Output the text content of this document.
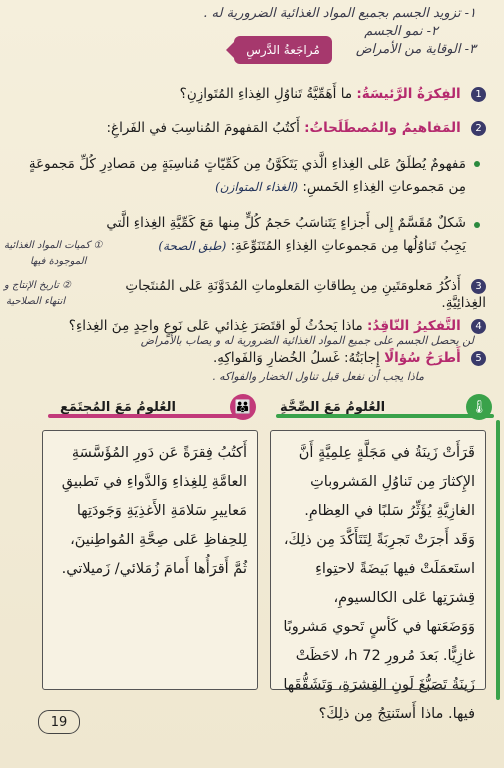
١- تزويد الجسم بجميع المواد الغذائية الضرورية له .
٢- نمو الجسم
٣- الوقاية من الأمراض
مُراجَعةُ الدَّرسِ
1 الفِكرَةُ الرَّئيسَةُ: ما أَهَمِّيَّةُ تَناوُلِ الغِذاءِ المُتَوازِنِ؟
2 المَفاهيمُ والمُصطَلَحاتُ: أَكتُبُ المَفهومَ المُناسِبَ في الفَراغِ:
مَفهومٌ يُطلَقُ عَلى الغِذاءِ الَّذي يَتَكَوَّنُ مِن كَمِّيّاتٍ مُناسِبَةٍ مِن مَصادِرِ كُلِّ مَجموعَةٍ مِن مَجموعاتِ الغِذاءِ الخَمسِ: (الغذاء المتوازن)
شَكلٌ مُقَسَّمٌ إِلى أَجزاءٍ يَتَناسَبُ حَجمُ كُلٍّ مِنها مَعَ كَمِّيَّةِ الغِذاءِ الَّتي يَجِبُ تَناوُلُها مِن مَجموعاتِ الغِذاءِ المُتَنَوِّعَةِ: (طبق الصحة)
① كميات المواد الغذائية
الموجودة فيها
② تاريخ الإنتاج و
انتهاء الصلاحية
3 أَذكُرُ مَعلومَتَينِ مِن بِطاقاتِ المَعلوماتِ المُدَوَّنَةِ عَلى المُنتَجاتِ الغِذائِيَّةِ.
4 التَّفكيرُ النّاقِدُ: ماذا يَحدُثُ لَو اقتَصَرَ غِذائي عَلى نَوعٍ واحِدٍ مِنَ الغِذاءِ؟
لن يحصل الجسم على جميع المواد الغذائية الضرورية له و يصاب بالأمراض
5 أَطرَحُ سُؤالًا إِجابَتُهُ: غَسلُ الخُضارِ وَالفَواكِهِ.
ماذا يجب أن نفعل قبل تناول الخضار والفواكه .
🌡
العُلومُ مَعَ الصِّحَّةِ
👪
العُلومُ مَعَ المُجتَمَعِ
قَرَأَتْ زَينَةُ في مَجَلَّةٍ عِلمِيَّةٍ أَنَّ الإِكثارَ مِن تَناوُلِ المَشروباتِ الغازِيَّةِ يُؤَثِّرُ سَلبًا في العِظامِ. وَقَد أَجرَتْ تَجرِبَةً لِتَتَأَكَّدَ مِن ذلِكَ، استَعمَلَتْ فيها بَيضَةً لاحتِواءِ قِشرَتِها عَلى الكالسيومِ، وَوَضَعَتها في كَأسٍ تَحوي مَشروبًا غازِيًّا. بَعدَ مُرورِ 72 h، لاحَظَتْ زَينَةُ تَصَبُّغَ لَونِ القِشرَةِ، وَتَشَقُّقَها فيها. ماذا أَستَنتِجُ مِن ذلِكَ؟
أَكتُبُ فِقرَةً عَن دَورِ المُؤَسَّسَةِ العامَّةِ لِلغِذاءِ وَالدَّواءِ في تَطبيقِ مَعاييرِ سَلامَةِ الأَغذِيَةِ وَجَودَتِها لِلحِفاظِ عَلى صِحَّةِ المُواطِنينَ، ثُمَّ أَقرَأُها أَمامَ زُمَلائي/ زَميلاتي.
19
